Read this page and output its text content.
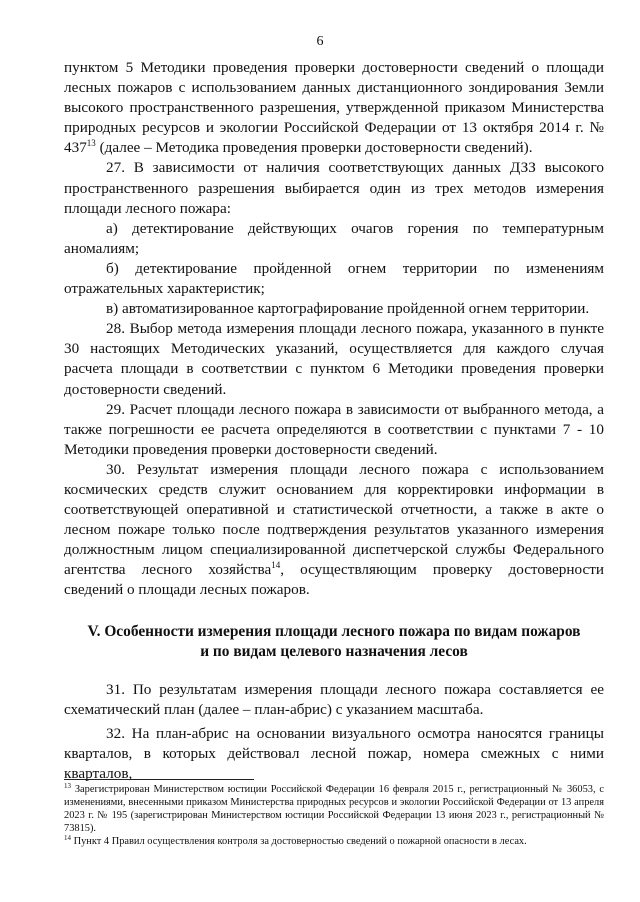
6

пунктом 5 Методики проведения проверки достоверности сведений о площади лесных пожаров с использованием данных дистанционного зондирования Земли высокого пространственного разрешения, утвержденной приказом Министерства природных ресурсов и экологии Российской Федерации от 13 октября 2014 г. № $437^{13}$ (далее – Методика проведения проверки достоверности сведений).

27. В зависимости от наличия соответствующих данных ДЗЗ высокого пространственного разрешения выбирается один из трех методов измерения площади лесного пожара:

а) детектирование действующих очагов горения по температурным аномалиям;

б) детектирование пройденной огнем территории по изменениям отражательных характеристик;

в) автоматизированное картографирование пройденной огнем территории.

28. Выбор метода измерения площади лесного пожара, указанного в пункте 30 настоящих Методических указаний, осуществляется для каждого случая расчета площади в соответствии с пунктом 6 Методики проведения проверки достоверности сведений.

29. Расчет площади лесного пожара в зависимости от выбранного метода, а также погрешности ее расчета определяются в соответствии с пунктами 7 - 10 Методики проведения проверки достоверности сведений.

30. Результат измерения площади лесного пожара с использованием космических средств служит основанием для корректировки информации в соответствующей оперативной и статистической отчетности, а также в акте о лесном пожаре только после подтверждения результатов указанного измерения должностным лицом специализированной диспетчерской службы Федерального агентства лесного хозяйства$^{14}$, осуществляющим проверку достоверности сведений о площади лесных пожаров.

V. Особенности измерения площади лесного пожара по видам пожаров
и по видам целевого назначения лесов

31. По результатам измерения площади лесного пожара составляется ее схематический план (далее – план-абрис) с указанием масштаба.

32. На план-абрис на основании визуального осмотра наносятся границы кварталов, в которых действовал лесной пожар, номера смежных с ними кварталов,

$^{13}$ Зарегистрирован Министерством юстиции Российской Федерации 16 февраля 2015 г., регистрационный № 36053, с изменениями, внесенными приказом Министерства природных ресурсов и экологии Российской Федерации от 13 апреля 2023 г. № 195 (зарегистрирован Министерством юстиции Российской Федерации 13 июня 2023 г., регистрационный № 73815).

$^{14}$ Пункт 4 Правил осуществления контроля за достоверностью сведений о пожарной опасности в лесах.
